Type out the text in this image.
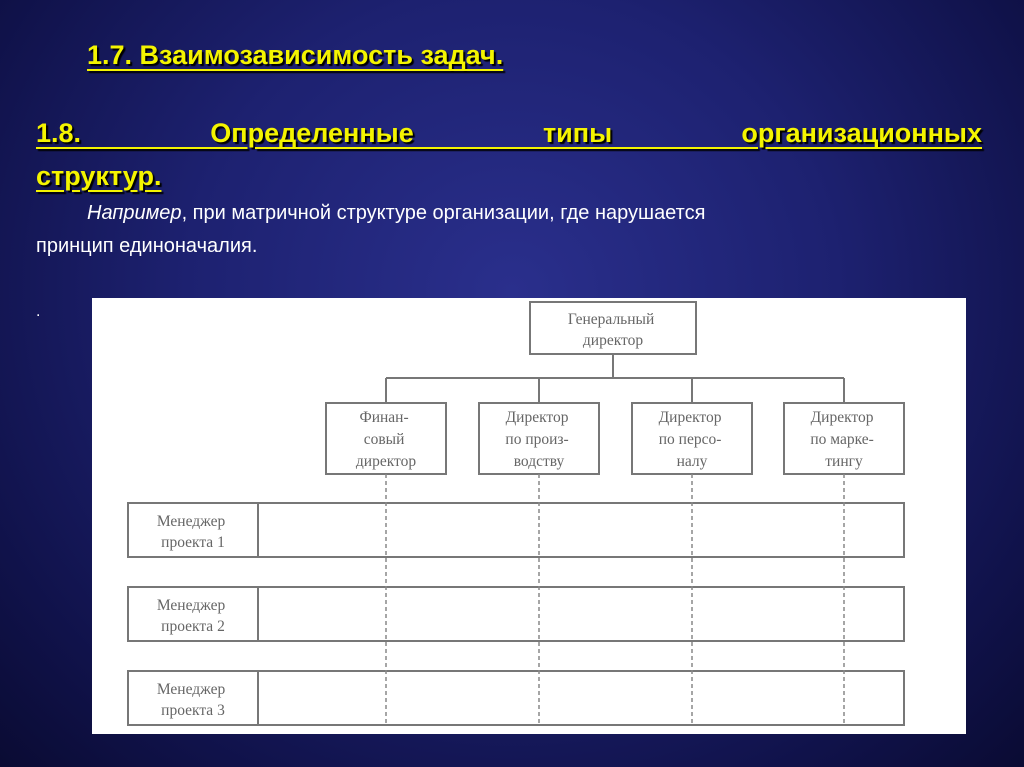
1.7. Взаимозависимость задач.
1.8. Определенные типы организационных
структур.
Например, при матричной структуре организации, где нарушается
принцип единоначалия.
.	Генеральный директор
Финан- совый директор
Директор по произ- водству
Директор по персо- налу
Директор по марке- тингу
Менеджер проекта 1
Менеджер проекта 2
Менеджер проекта 3
